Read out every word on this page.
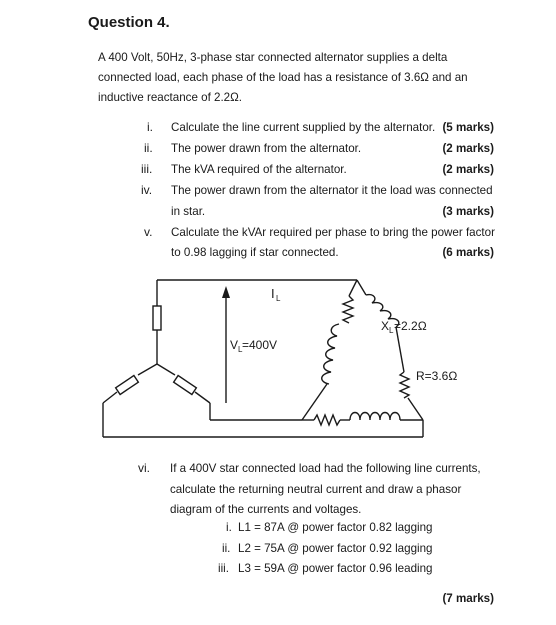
Question 4.
A 400 Volt, 50Hz, 3-phase star connected alternator supplies a delta connected load, each phase of the load has a resistance of 3.6Ω and an inductive reactance of 2.2Ω.
i. Calculate the line current supplied by the alternator. (5 marks)
ii. The power drawn from the alternator.	(2 marks)
iii. The kVA required of the alternator.	(2 marks)
iv. The power drawn from the alternator it the load was connected
in star.	(3 marks)
v. Calculate the kVAr required per phase to bring the power factor
to 0.98 lagging if star connected.	(6 marks)
I L
V L =400V
X L =2.2Ω
R=3.6Ω
vi. If a 400V star connected load had the following line currents,
calculate the returning neutral current and draw a phasor
diagram of the currents and voltages.
i. L1 = 87A @ power factor 0.82 lagging
ii. L2 = 75A @ power factor 0.92 lagging
iii. L3 = 59A @ power factor 0.96 leading
(7 marks)
